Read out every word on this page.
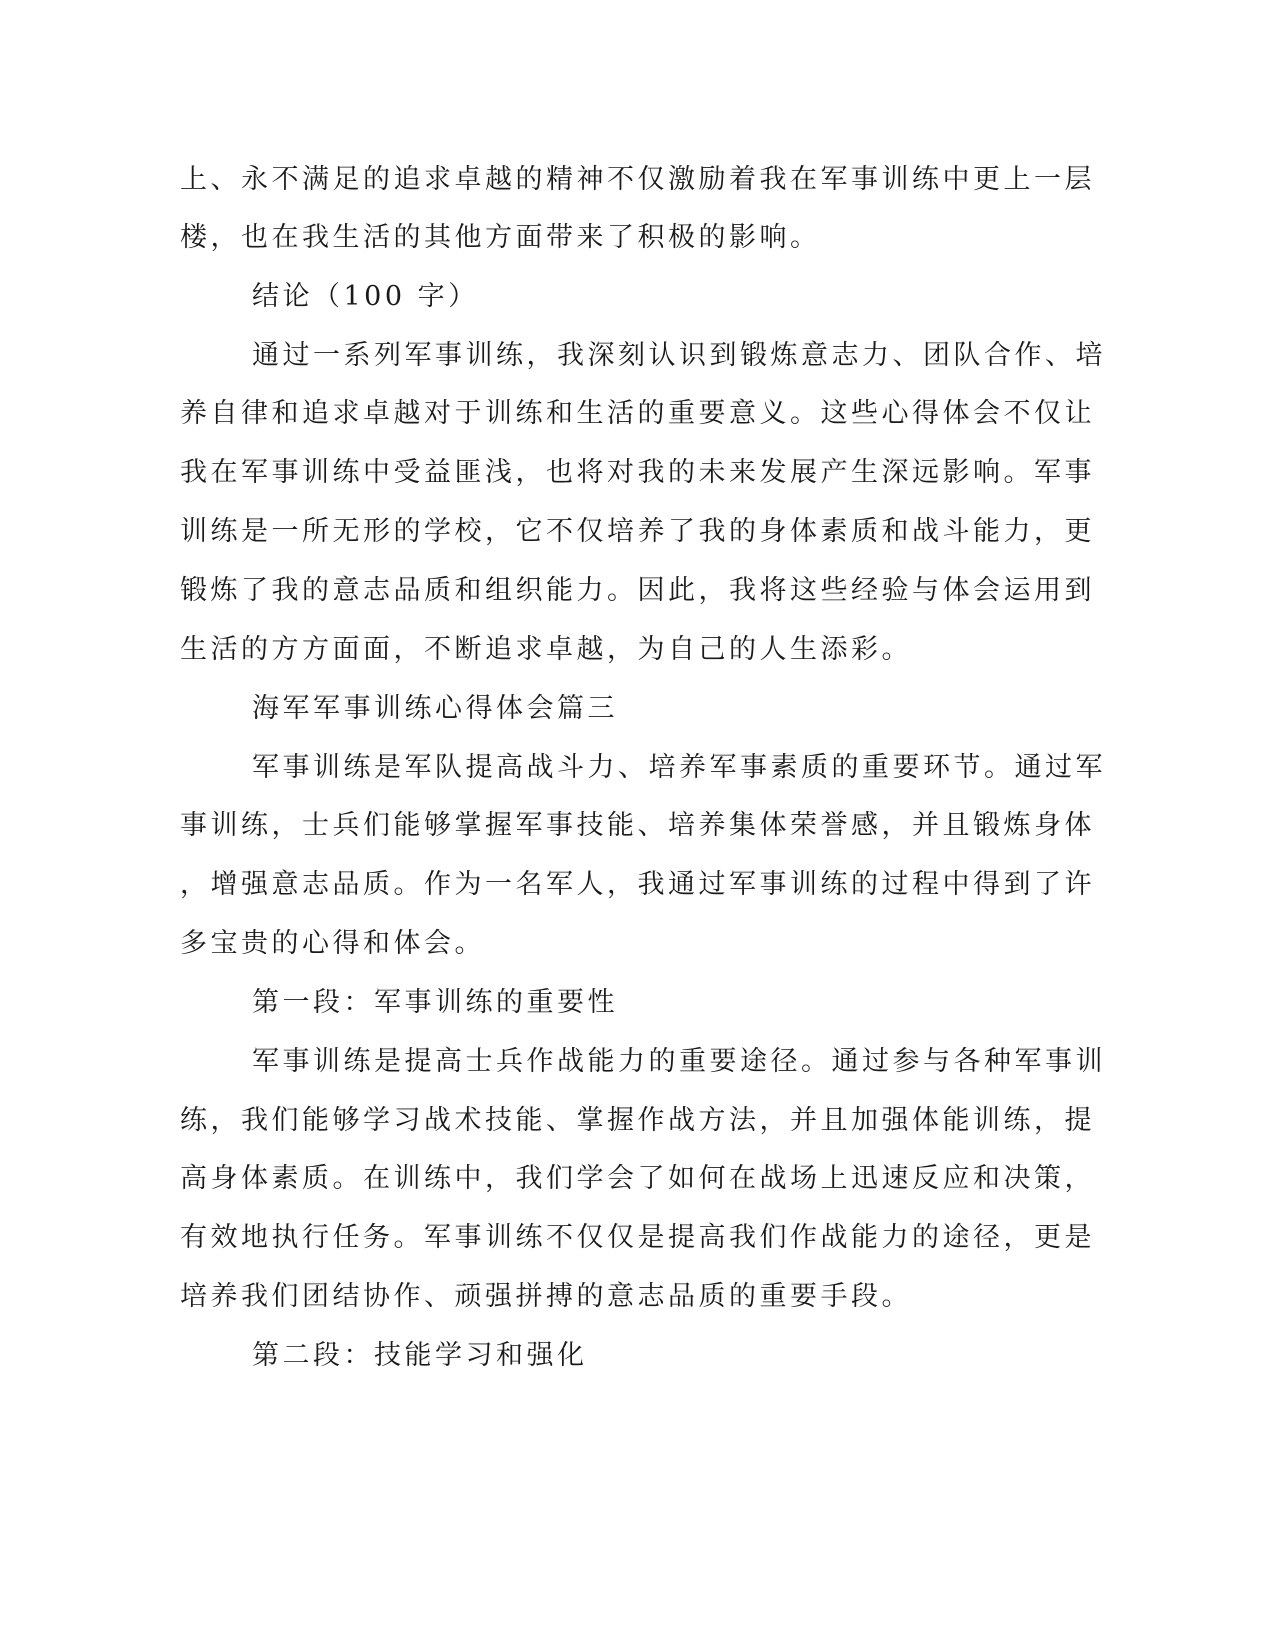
上、永不满足的追求卓越的精神不仅激励着我在军事训练中更上一层
楼，也在我生活的其他方面带来了积极的影响。
结论（100 字）
通过一系列军事训练，我深刻认识到锻炼意志力、团队合作、培
养自律和追求卓越对于训练和生活的重要意义。这些心得体会不仅让
我在军事训练中受益匪浅，也将对我的未来发展产生深远影响。军事
训练是一所无形的学校，它不仅培养了我的身体素质和战斗能力，更
锻炼了我的意志品质和组织能力。因此，我将这些经验与体会运用到
生活的方方面面，不断追求卓越，为自己的人生添彩。
海军军事训练心得体会篇三
军事训练是军队提高战斗力、培养军事素质的重要环节。通过军
事训练，士兵们能够掌握军事技能、培养集体荣誉感，并且锻炼身体
，增强意志品质。作为一名军人，我通过军事训练的过程中得到了许
多宝贵的心得和体会。
第一段：军事训练的重要性
军事训练是提高士兵作战能力的重要途径。通过参与各种军事训
练，我们能够学习战术技能、掌握作战方法，并且加强体能训练，提
高身体素质。在训练中，我们学会了如何在战场上迅速反应和决策，
有效地执行任务。军事训练不仅仅是提高我们作战能力的途径，更是
培养我们团结协作、顽强拼搏的意志品质的重要手段。
第二段：技能学习和强化
